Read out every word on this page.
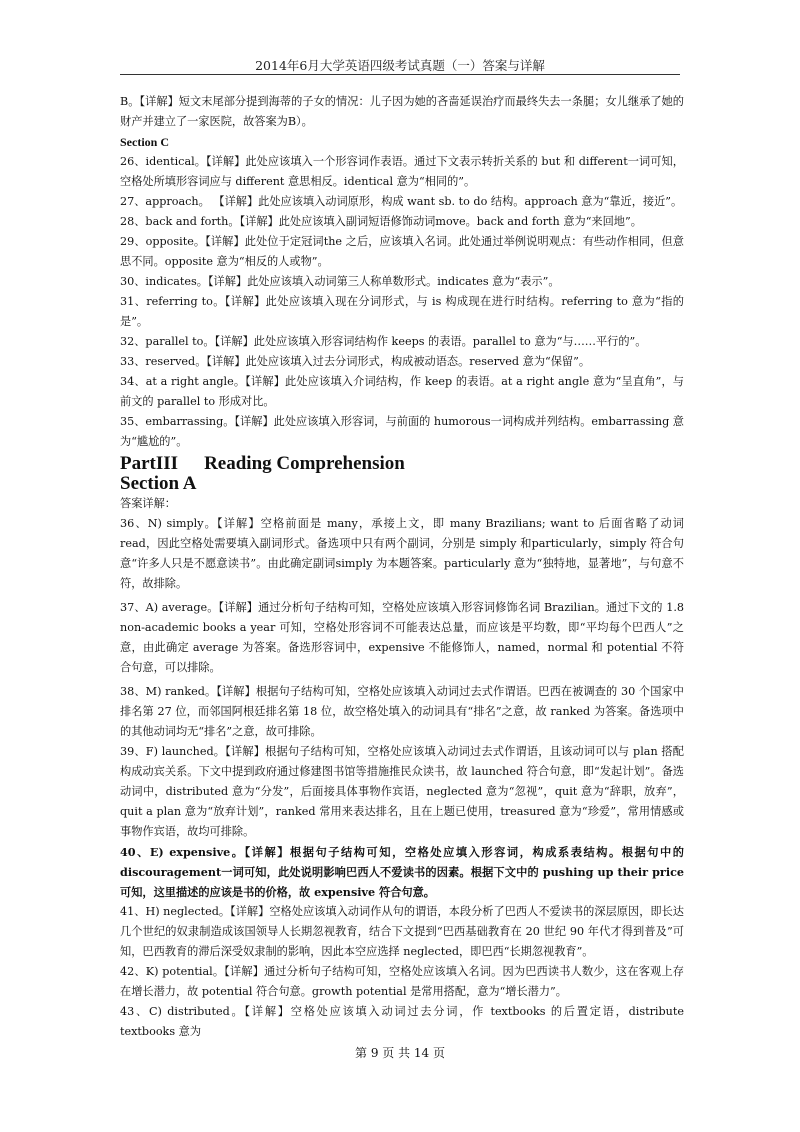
2014年6月大学英语四级考试真题（一）答案与详解

B。【详解】短文末尾部分提到海蒂的子女的情况：儿子因为她的吝啬延误治疗而最终失去一条腿；女儿继承了她的财产并建立了一家医院，故答案为B）。

Section C

26、identical。【详解】此处应该填入一个形容词作表语。通过下文表示转折关系的 but 和 different一词可知，空格处所填形容词应与 different 意思相反。identical 意为“相同的”。

27、approach。 【详解】此处应该填入动词原形，构成 want sb. to do 结构。approach 意为“靠近，接近”。

28、back and forth。【详解】此处应该填入副词短语修饰动词move。back and forth 意为“来回地”。

29、opposite。【详解】此处位于定冠词the 之后，应该填入名词。此处通过举例说明观点：有些动作相同，但意思不同。opposite 意为“相反的人或物”。

30、indicates。【详解】此处应该填入动词第三人称单数形式。indicates 意为“表示”。

31、referring to。【详解】此处应该填入现在分词形式，与 is 构成现在进行时结构。referring to 意为“指的是”。

32、parallel to。【详解】此处应该填入形容词结构作 keeps 的表语。parallel to 意为“与……平行的”。

33、reserved。【详解】此处应该填入过去分词形式，构成被动语态。reserved 意为“保留”。

34、at a right angle。【详解】此处应该填入介词结构，作 keep 的表语。at a right angle 意为“呈直角”，与前文的 parallel to 形成对比。

35、embarrassing。【详解】此处应该填入形容词，与前面的 humorous一词构成并列结构。embarrassing 意为“尴尬的”。

PartIII Reading Comprehension

Section A

答案详解：

36、N) simply。【详解】空格前面是 many，承接上文，即 many Brazilians; want to 后面省略了动词 read，因此空格处需要填入副词形式。备选项中只有两个副词，分别是 simply 和particularly，simply 符合句意“许多人只是不愿意读书”。由此确定副词simply 为本题答案。particularly 意为“独特地，显著地”，与句意不符，故排除。

37、A) average。【详解】通过分析句子结构可知，空格处应该填入形容词修饰名词 Brazilian。通过下文的 1.8 non-academic books a year 可知，空格处形容词不可能表达总量，而应该是平均数，即“平均每个巴西人”之意，由此确定 average 为答案。备选形容词中，expensive 不能修饰人，named，normal 和 potential 不符合句意，可以排除。

38、M) ranked。【详解】根据句子结构可知，空格处应该填入动词过去式作谓语。巴西在被调查的 30 个国家中排名第 27 位，而邻国阿根廷排名第 18 位，故空格处填入的动词具有“排名”之意，故 ranked 为答案。备选项中的其他动词均无“排名”之意，故可排除。

39、F) launched。【详解】根据句子结构可知，空格处应该填入动词过去式作谓语，且该动词可以与 plan 搭配构成动宾关系。下文中提到政府通过修建图书馆等措施推民众读书，故 launched 符合句意，即“发起计划”。备选动词中，distributed 意为“分发”，后面接具体事物作宾语，neglected 意为“忽视”，quit 意为“辞职，放弃”，quit a plan 意为“放弃计划”，ranked 常用来表达排名，且在上题已使用，treasured 意为“珍爱”，常用情感或事物作宾语，故均可排除。

40、E) expensive。【详解】根据句子结构可知，空格处应填入形容词，构成系表结构。根据句中的 discouragement一词可知，此处说明影响巴西人不爱读书的因素。根据下文中的 pushing up their price 可知，这里描述的应该是书的价格，故 expensive 符合句意。

41、H) neglected。【详解】空格处应该填入动词作从句的谓语，本段分析了巴西人不爱读书的深层原因，即长达几个世纪的奴隶制造成该国领导人长期忽视教育，结合下文提到“巴西基础教育在 20 世纪 90 年代才得到普及”可知，巴西教育的滞后深受奴隶制的影响，因此本空应选择 neglected，即巴西“长期忽视教育”。

42、K) potential。【详解】通过分析句子结构可知，空格处应该填入名词。因为巴西读书人数少，这在客观上存在增长潜力，故 potential 符合句意。growth potential 是常用搭配，意为“增长潜力”。

43、C) distributed。【详解】空格处应该填入动词过去分词，作 textbooks 的后置定语，distribute textbooks 意为

第 9 页 共 14 页
